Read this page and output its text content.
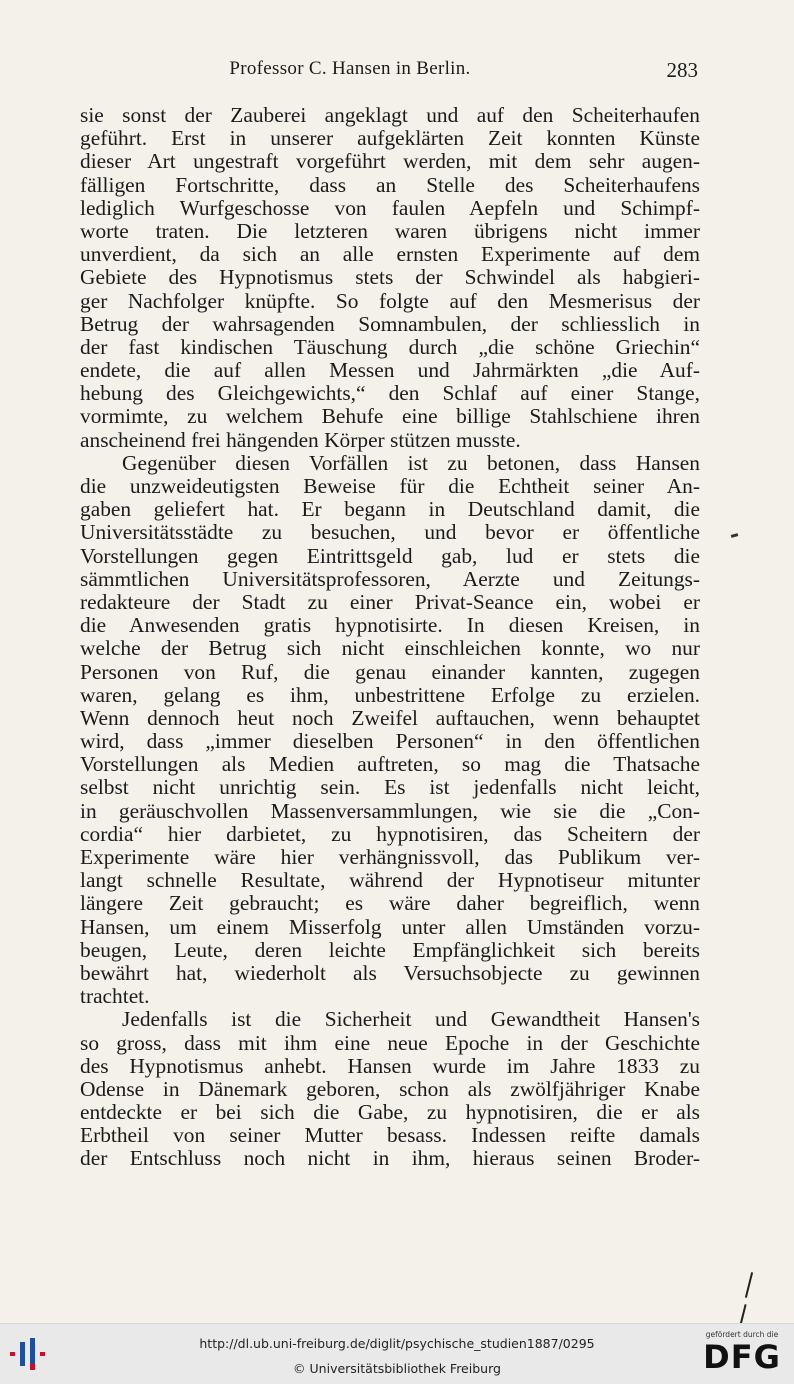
Professor C. Hansen in Berlin.	283
sie sonst der Zauberei angeklagt und auf den Scheiterhaufen
geführt. Erst in unserer aufgeklärten Zeit konnten Künste
dieser Art ungestraft vorgeführt werden, mit dem sehr augen-
fälligen Fortschritte, dass an Stelle des Scheiterhaufens
lediglich Wurfgeschosse von faulen Aepfeln und Schimpf-
worte traten. Die letzteren waren übrigens nicht immer
unverdient, da sich an alle ernsten Experimente auf dem
Gebiete des Hypnotismus stets der Schwindel als habgieri-
ger Nachfolger knüpfte. So folgte auf den Mesmerisus der
Betrug der wahrsagenden Somnambulen, der schliesslich in
der fast kindischen Täuschung durch „die schöne Griechin“
endete, die auf allen Messen und Jahrmärkten „die Auf-
hebung des Gleichgewichts,“ den Schlaf auf einer Stange,
vormimte, zu welchem Behufe eine billige Stahlschiene ihren
anscheinend frei hängenden Körper stützen musste.
Gegenüber diesen Vorfällen ist zu betonen, dass Hansen
die unzweideutigsten Beweise für die Echtheit seiner An-
gaben geliefert hat. Er begann in Deutschland damit, die
Universitätsstädte zu besuchen, und bevor er öffentliche
Vorstellungen gegen Eintrittsgeld gab, lud er stets die
sämmtlichen Universitätsprofessoren, Aerzte und Zeitungs-
redakteure der Stadt zu einer Privat-Seance ein, wobei er
die Anwesenden gratis hypnotisirte. In diesen Kreisen, in
welche der Betrug sich nicht einschleichen konnte, wo nur
Personen von Ruf, die genau einander kannten, zugegen
waren, gelang es ihm, unbestrittene Erfolge zu erzielen.
Wenn dennoch heut noch Zweifel auftauchen, wenn behauptet
wird, dass „immer dieselben Personen“ in den öffentlichen
Vorstellungen als Medien auftreten, so mag die Thatsache
selbst nicht unrichtig sein. Es ist jedenfalls nicht leicht,
in geräuschvollen Massenversammlungen, wie sie die „Con-
cordia“ hier darbietet, zu hypnotisiren, das Scheitern der
Experimente wäre hier verhängnissvoll, das Publikum ver-
langt schnelle Resultate, während der Hypnotiseur mitunter
längere Zeit gebraucht; es wäre daher begreiflich, wenn
Hansen, um einem Misserfolg unter allen Umständen vorzu-
beugen, Leute, deren leichte Empfänglichkeit sich bereits
bewährt hat, wiederholt als Versuchsobjecte zu gewinnen
trachtet.
Jedenfalls ist die Sicherheit und Gewandtheit Hansen's
so gross, dass mit ihm eine neue Epoche in der Geschichte
des Hypnotismus anhebt. Hansen wurde im Jahre 1833 zu
Odense in Dänemark geboren, schon als zwölfjähriger Knabe
entdeckte er bei sich die Gabe, zu hypnotisiren, die er als
Erbtheil von seiner Mutter besass. Indessen reifte damals
der Entschluss noch nicht in ihm, hieraus seinen Broder-
http://dl.ub.uni-freiburg.de/diglit/psychische_studien1887/0295
© Universitätsbibliothek Freiburg
gefördert durch die
DFG
